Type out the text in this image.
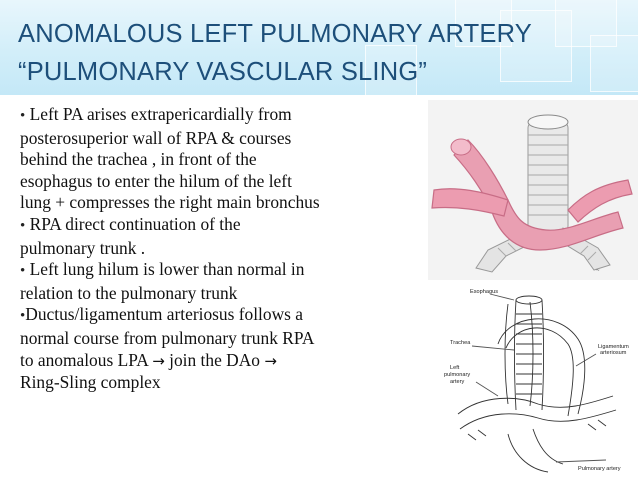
ANOMALOUS LEFT PULMONARY ARTERY
“PULMONARY VASCULAR SLING”
• Left PA arises extrapericardially from
posterosuperior wall of RPA & courses
behind the trachea , in front of the
esophagus to enter the hilum of the left
lung + compresses the right main bronchus
• RPA direct continuation of the
pulmonary trunk .
• Left lung hilum is lower than normal in
relation to the pulmonary trunk
•Ductus/ligamentum arteriosus follows a
normal course from pulmonary trunk RPA
to anomalous LPA → join the DAo →
Ring-Sling complex
~
Esophagus
Trachea
Left
pulmonary
artery
Ligamentum
arteriosum
Pulmonary artery
